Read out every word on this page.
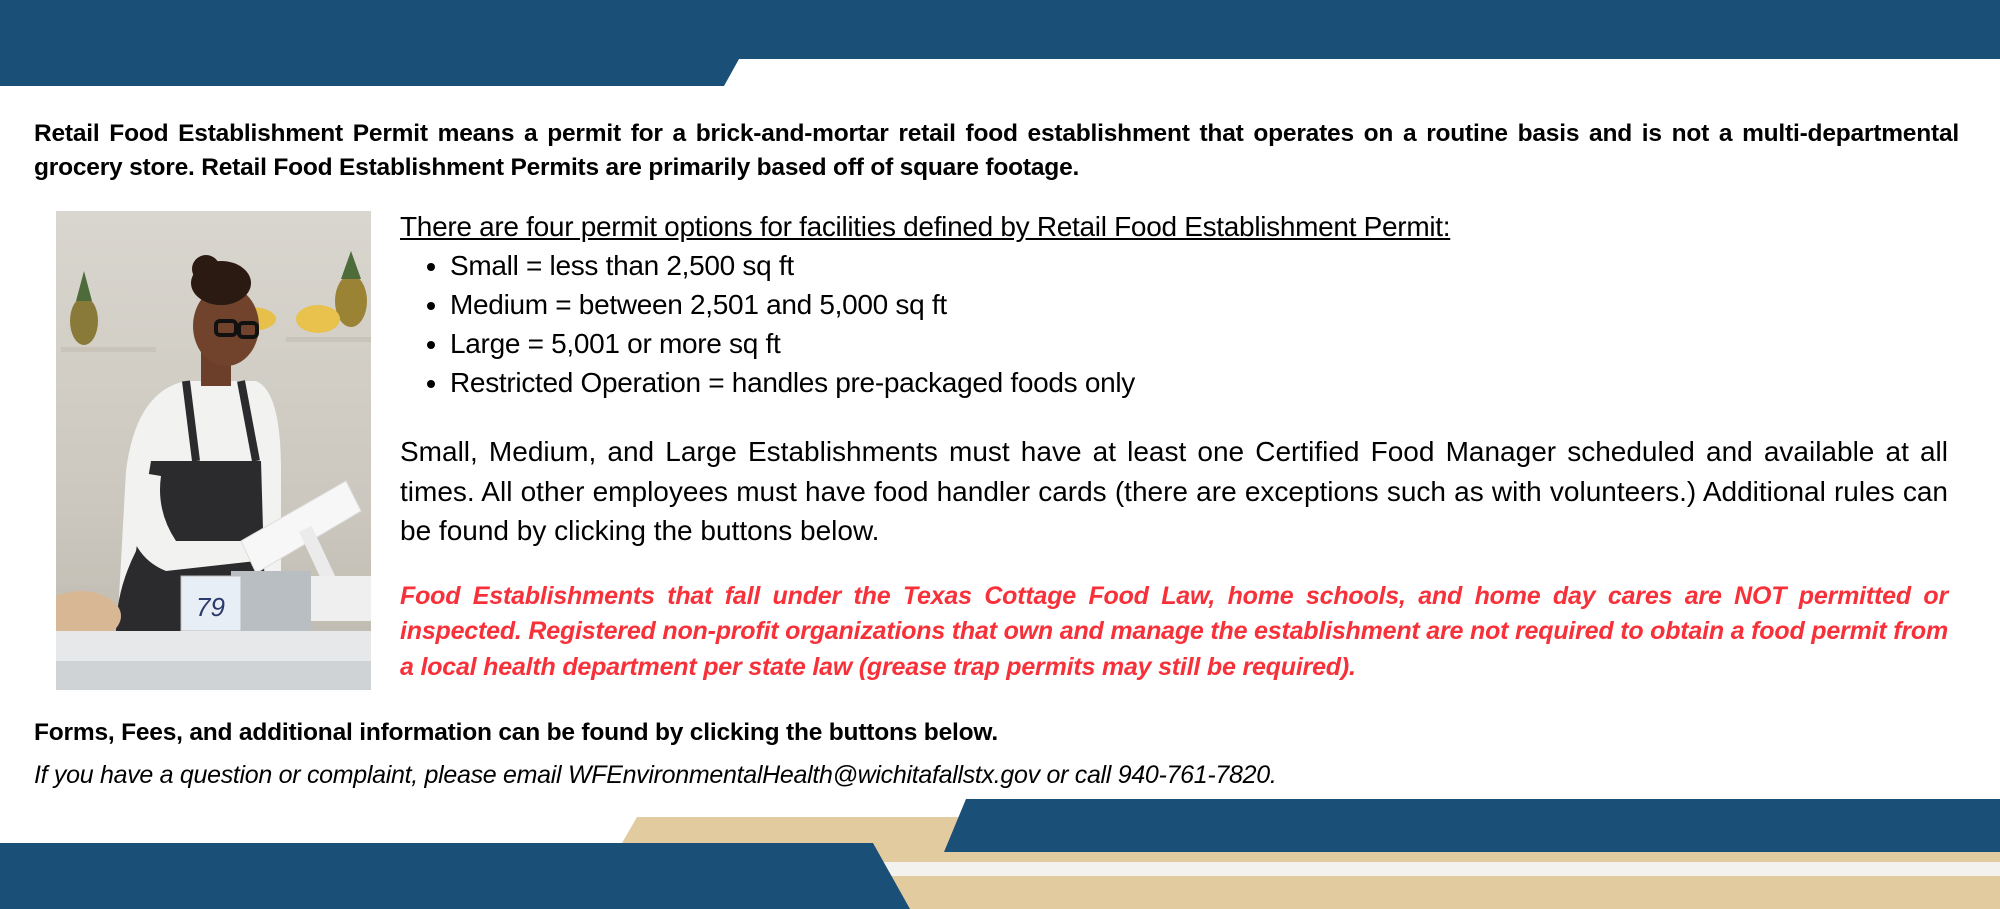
Retail Food Establishment Permit means a permit for a brick-and-mortar retail food establishment that operates on a routine basis and is not a multi-departmental grocery store. Retail Food Establishment Permits are primarily based off of square footage.

79

There are four permit options for facilities defined by Retail Food Establishment Permit:

• Small = less than 2,500 sq ft
• Medium = between 2,501 and 5,000 sq ft
• Large = 5,001 or more sq ft
• Restricted Operation = handles pre-packaged foods only

Small, Medium, and Large Establishments must have at least one Certified Food Manager scheduled and available at all times. All other employees must have food handler cards (there are exceptions such as with volunteers.) Additional rules can be found by clicking the buttons below.

Food Establishments that fall under the Texas Cottage Food Law, home schools, and home day cares are NOT permitted or inspected. Registered non-profit organizations that own and manage the establishment are not required to obtain a food permit from a local health department per state law (grease trap permits may still be required).

Forms, Fees, and additional information can be found by clicking the buttons below.
If you have a question or complaint, please email WFEnvironmentalHealth@wichitafallstx.gov or call 940-761-7820.
